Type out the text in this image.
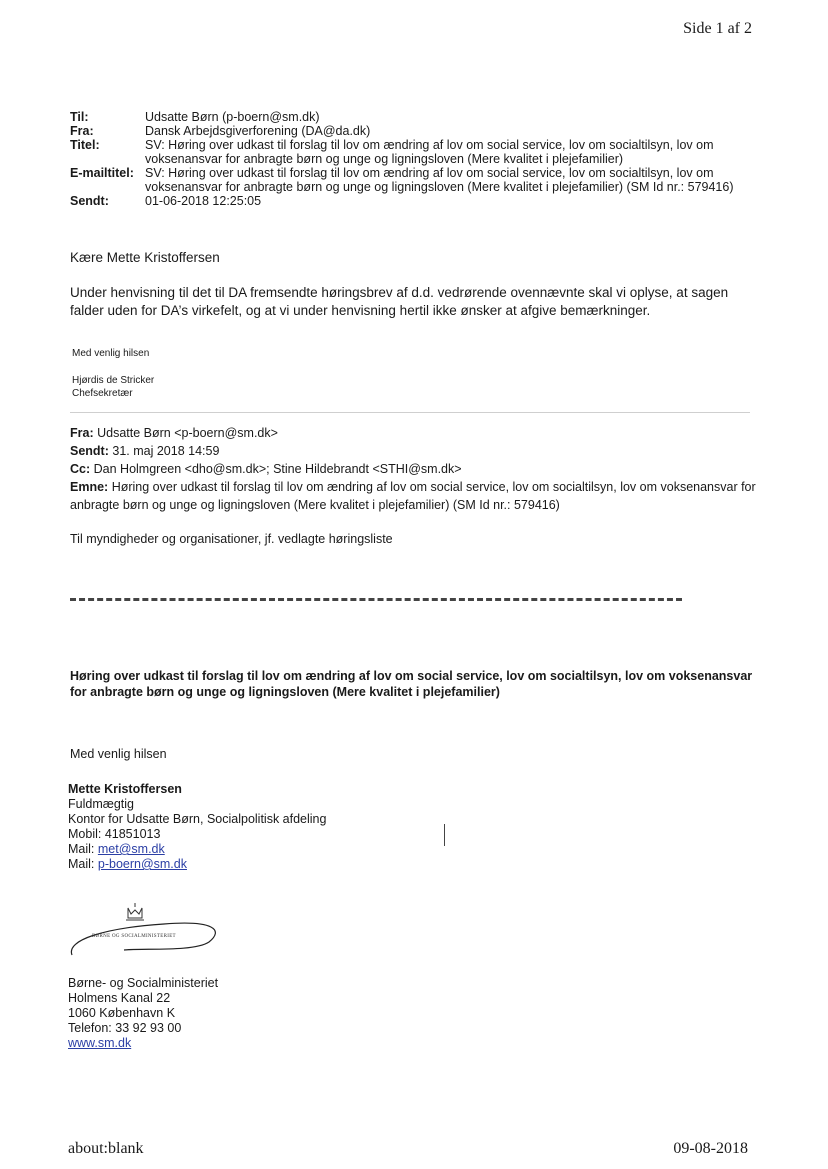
Side 1 af 2
Til:	Udsatte Børn (p-boern@sm.dk)
Fra:	Dansk Arbejdsgiverforening (DA@da.dk)
Titel:	SV: Høring over udkast til forslag til lov om ændring af lov om social service, lov om socialtilsyn, lov om voksenansvar for anbragte børn og unge og ligningsloven (Mere kvalitet i plejefamilier)
E-mailtitel: SV: Høring over udkast til forslag til lov om ændring af lov om social service, lov om socialtilsyn, lov om voksenansvar for anbragte børn og unge og ligningsloven (Mere kvalitet i plejefamilier) (SM Id nr.: 579416)
Sendt:	01-06-2018 12:25:05
Kære Mette Kristoffersen
Under henvisning til det til DA fremsendte høringsbrev af d.d. vedrørende ovennævnte skal vi oplyse, at sagen falder uden for DA’s virkefelt, og at vi under henvisning hertil ikke ønsker at afgive bemærkninger.
Med venlig hilsen
Hjørdis de Stricker
Chefsekretær
Fra: Udsatte Børn <p-boern@sm.dk>
Sendt: 31. maj 2018 14:59
Cc: Dan Holmgreen <dho@sm.dk>; Stine Hildebrandt <STHI@sm.dk>
Emne: Høring over udkast til forslag til lov om ændring af lov om social service, lov om socialtilsyn, lov om voksenansvar for anbragte børn og unge og ligningsloven (Mere kvalitet i plejefamilier) (SM Id nr.: 579416)
Til myndigheder og organisationer, jf. vedlagte høringsliste
Høring over udkast til forslag til lov om ændring af lov om social service, lov om socialtilsyn, lov om voksenansvar for anbragte børn og unge og ligningsloven (Mere kvalitet i plejefamilier)
Med venlig hilsen
Mette Kristoffersen
Fuldmægtig
Kontor for Udsatte Børn, Socialpolitisk afdeling
Mobil: 41851013
Mail: met@sm.dk
Mail: p-boern@sm.dk
BØRNE OG SOCIALMINISTERIET
Børne- og Socialministeriet
Holmens Kanal 22
1060 København K
Telefon: 33 92 93 00
www.sm.dk
about:blank	09-08-2018
